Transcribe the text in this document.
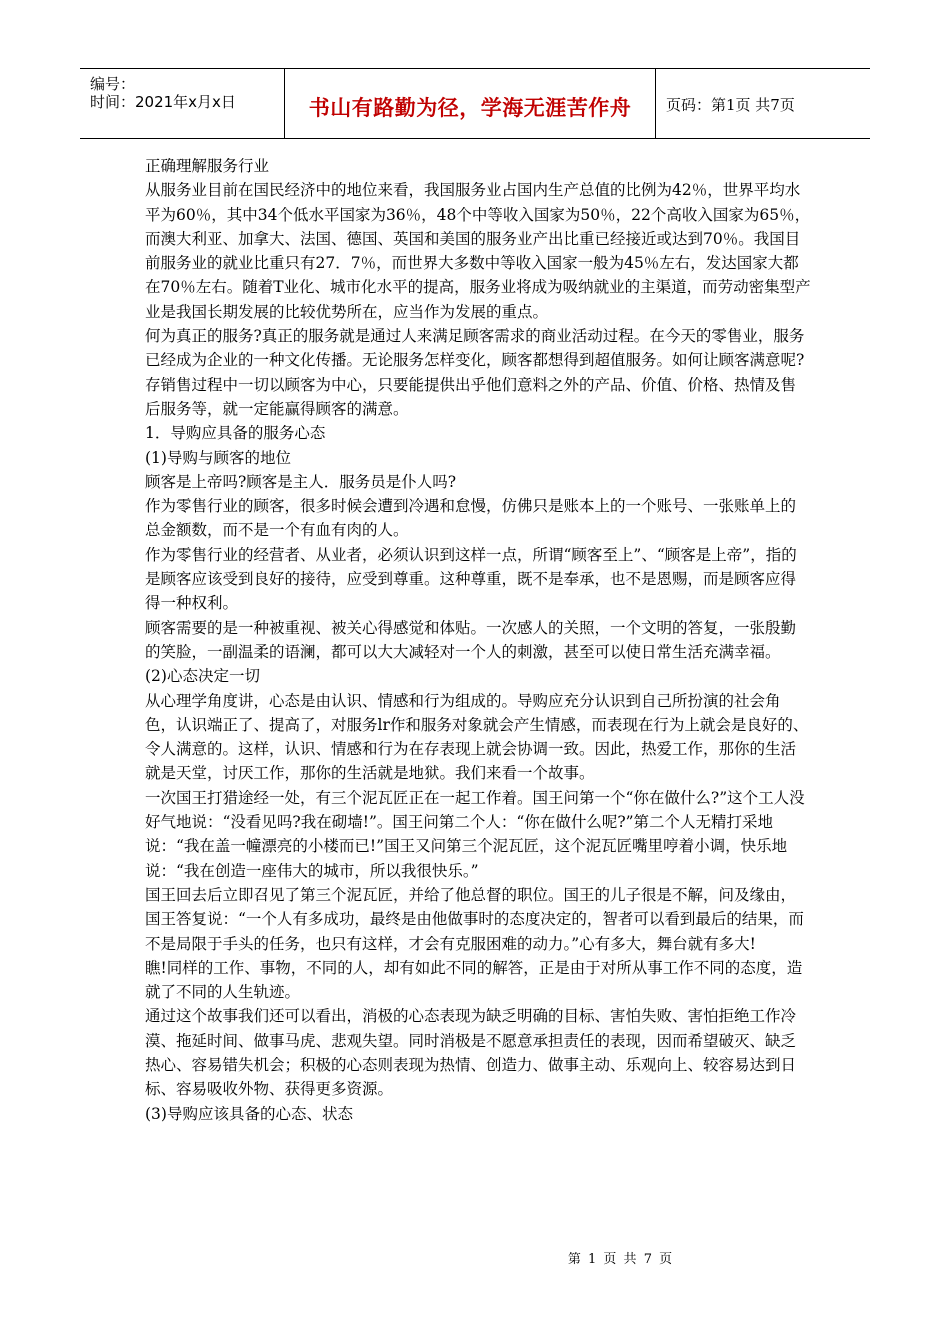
编号：
时间：2021年x月x日	书山有路勤为径，学海无涯苦作舟	页码：第1页 共7页

正确理解服务行业

从服务业目前在国民经济中的地位来看，我国服务业占国内生产总值的比例为42％，世界平均水平为60％，其中34个低水平国家为36％，48个中等收入国家为50％，22个高收入国家为65％，而澳大利亚、加拿大、法国、德国、英国和美国的服务业产出比重已经接近或达到70％。我国目前服务业的就业比重只有27．7％，而世界大多数中等收入国家一般为45％左右，发达国家大都在70％左右。随着T业化、城市化水平的提高，服务业将成为吸纳就业的主渠道，而劳动密集型产业是我国长期发展的比较优势所在，应当作为发展的重点。

何为真正的服务?真正的服务就是通过人来满足顾客需求的商业活动过程。在今天的零售业，服务已经成为企业的一种文化传播。无论服务怎样变化，顾客都想得到超值服务。如何让顾客满意呢?存销售过程中一切以顾客为中心，只要能提供出乎他们意料之外的产品、价值、价格、热情及售后服务等，就一定能赢得顾客的满意。

1．导购应具备的服务心态

(1)导购与顾客的地位

顾客是上帝吗?顾客是主人．服务员是仆人吗?

作为零售行业的顾客，很多时候会遭到冷遇和怠慢，仿佛只是账本上的一个账号、一张账单上的总金额数，而不是一个有血有肉的人。

作为零售行业的经营者、从业者，必须认识到这样一点，所谓“顾客至上”、“顾客是上帝”，指的是顾客应该受到良好的接待，应受到尊重。这种尊重，既不是奉承，也不是恩赐，而是顾客应得得一种权利。

顾客需要的是一种被重视、被关心得感觉和体贴。一次感人的关照，一个文明的答复，一张殷勤的笑脸，一副温柔的语澜，都可以大大减轻对一个人的刺激，甚至可以使日常生活充满幸福。

(2)心态决定一切

从心理学角度讲，心态是由认识、情感和行为组成的。导购应充分认识到自己所扮演的社会角色，认识端正了、提高了，对服务lr作和服务对象就会产生情感，而表现在行为上就会是良好的、令人满意的。这样，认识、情感和行为在存表现上就会协调一致。因此，热爱工作，那你的生活就是天堂，讨厌工作，那你的生活就是地狱。我们来看一个故事。

一次国王打猎途经一处，有三个泥瓦匠正在一起工作着。国王问第一个“你在做什么?”这个工人没好气地说：“没看见吗?我在砌墙!”。国王问第二个人：“你在做什么呢?”第二个人无精打采地说：“我在盖一幢漂亮的小楼而已!”国王又问第三个泥瓦匠，这个泥瓦匠嘴里哼着小调，快乐地说：“我在创造一座伟大的城市，所以我很快乐。”

国王回去后立即召见了第三个泥瓦匠，并给了他总督的职位。国王的儿子很是不解，问及缘由，国王答复说：“一个人有多成功，最终是由他做事时的态度决定的，智者可以看到最后的结果，而不是局限于手头的任务，也只有这样，才会有克服困难的动力。”心有多大，舞台就有多大!

瞧!同样的工作、事物，不同的人，却有如此不同的解答，正是由于对所从事工作不同的态度，造就了不同的人生轨迹。

通过这个故事我们还可以看出，消极的心态表现为缺乏明确的目标、害怕失败、害怕拒绝工作冷漠、拖延时间、做事马虎、悲观失望。同时消极是不愿意承担责任的表现，因而希望破灭、缺乏热心、容易错失机会；积极的心态则表现为热情、创造力、做事主动、乐观向上、较容易达到日标、容易吸收外物、获得更多资源。

(3)导购应该具备的心态、状态

第 1 页 共 7 页
